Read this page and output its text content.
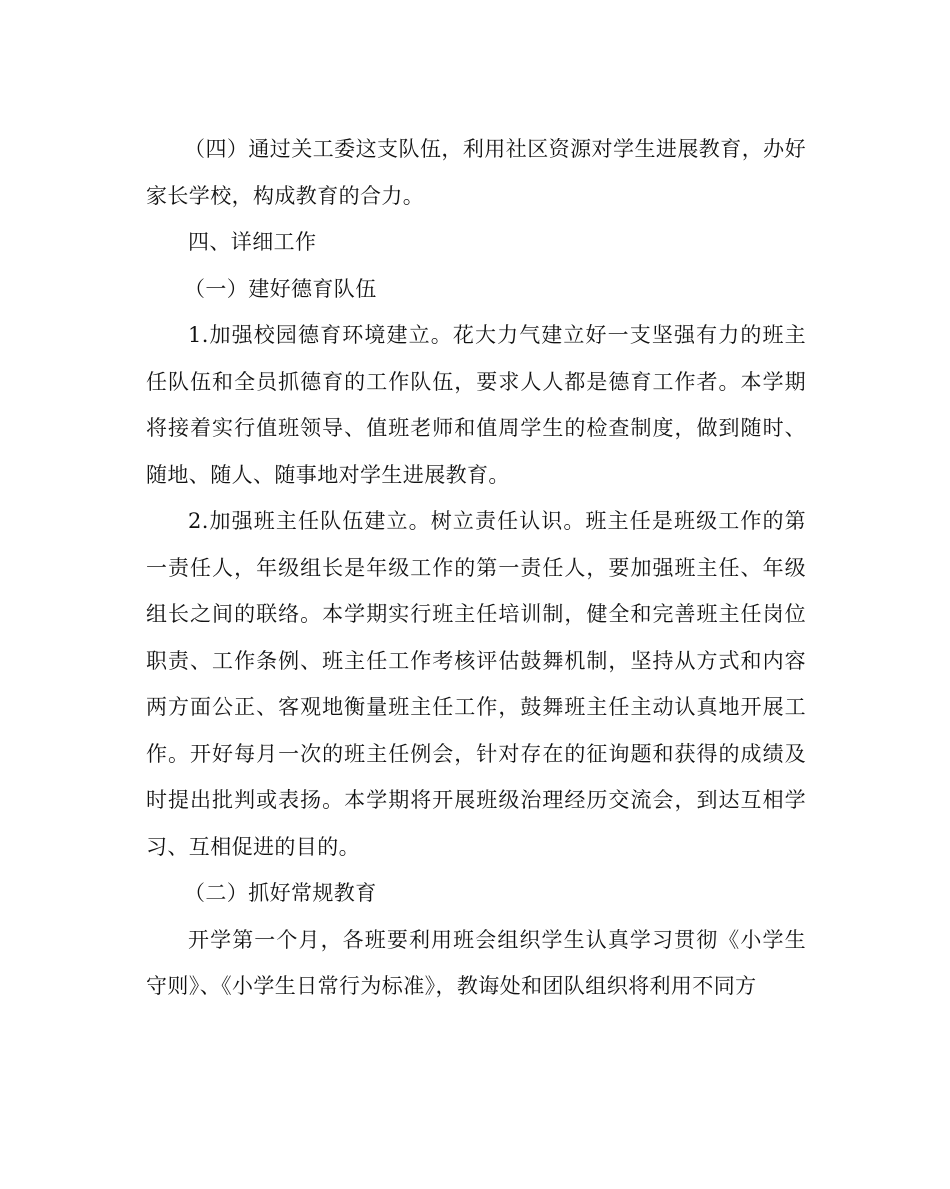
（四）通过关工委这支队伍，利用社区资源对学生进展教育，办好家长学校，构成教育的合力。

四、详细工作

（一）建好德育队伍

1.加强校园德育环境建立。花大力气建立好一支坚强有力的班主任队伍和全员抓德育的工作队伍，要求人人都是德育工作者。本学期将接着实行值班领导、值班老师和值周学生的检查制度，做到随时、随地、随人、随事地对学生进展教育。

2.加强班主任队伍建立。树立责任认识。班主任是班级工作的第一责任人，年级组长是年级工作的第一责任人，要加强班主任、年级组长之间的联络。本学期实行班主任培训制，健全和完善班主任岗位职责、工作条例、班主任工作考核评估鼓舞机制，坚持从方式和内容两方面公正、客观地衡量班主任工作，鼓舞班主任主动认真地开展工作。开好每月一次的班主任例会，针对存在的征询题和获得的成绩及时提出批判或表扬。本学期将开展班级治理经历交流会，到达互相学习、互相促进的目的。

（二）抓好常规教育

开学第一个月，各班要利用班会组织学生认真学习贯彻《小学生守则》、《小学生日常行为标准》，教诲处和团队组织将利用不同方
